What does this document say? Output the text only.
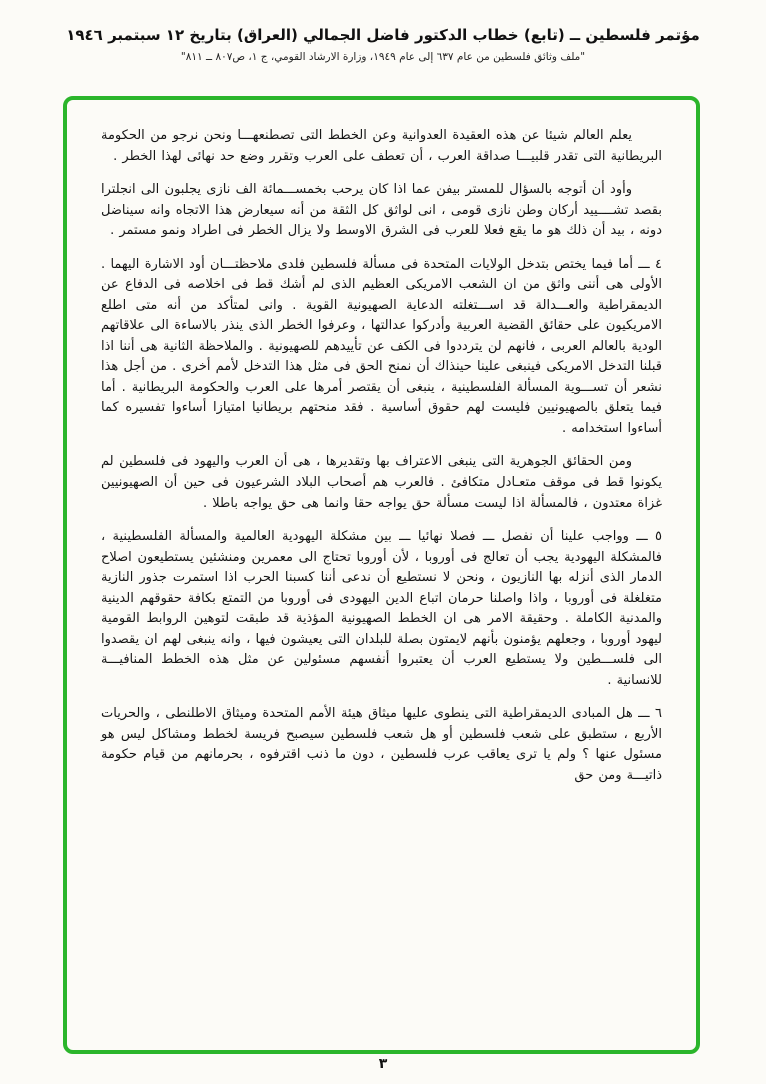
مؤتمر فلسطين ــ (تابع) خطاب الدكتور فاضل الجمالي (العراق) بتاريخ ١٢ سبتمبر ١٩٤٦
"ملف وثائق فلسطين من عام ٦٣٧ إلى عام ١٩٤٩، وزارة الارشاد القومي، ج ١، ص٨٠٧ ــ ٨١١"
يعلم العالم شيئا عن هذه العقيدة العدوانية وعن الخطط التى تصطنعهـــا ونحن نرجو من الحكومة البريطانية التى تقدر قلبيـــا صداقة العرب ، أن تعطف على العرب وتقرر وضع حد نهائى لهذا الخطر .
وأود أن أتوجه بالسؤال للمستر بيفن عما اذا كان يرحب بخمســـمائة الف نازى يجلبون الى انجلترا بقصد تشــــييد أركان وطن نازى قومى ، انى لواثق كل الثقة من أنه سيعارض هذا الاتجاه وانه سيناضل دونه ، بيد أن ذلك هو ما يقع فعلا للعرب فى الشرق الاوسط ولا يزال الخطر فى اطراد ونمو مستمر .
٤ ـــ أما فيما يختص بتدخل الولايات المتحدة فى مسألة فلسطين فلدى ملاحظتـــان أود الاشارة اليهما . الأولى هى أننى واثق من ان الشعب الامريكى العظيم الذى لم أشك قط فى اخلاصه فى الدفاع عن الديمقراطية والعـــدالة قد اســـتغلته الدعاية الصهيونية القوية . وانى لمتأكد من أنه متى اطلع الامريكيون على حقائق القضية العربية وأدركوا عدالتها ، وعرفوا الخطر الذى ينذر بالاساءة الى علاقاتهم الودية بالعالم العربى ، فانهم لن يترددوا فى الكف عن تأييدهم للصهيونية . والملاحظة الثانية هى أننا اذا قبلنا التدخل الامريكى فينبغى علينا حينذاك أن نمنح الحق فى مثل هذا التدخل لأمم أخرى . من أجل هذا نشعر أن تســـوية المسألة الفلسطينية ، ينبغى أن يقتصر أمرها على العرب والحكومة البريطانية . أما فيما يتعلق بالصهيونيين فليست لهم حقوق أساسية . فقد منحتهم بريطانيا امتيازا أساءوا تفسيره كما أساءوا استخدامه .
ومن الحقائق الجوهرية التى ينبغى الاعتراف بها وتقديرها ، هى أن العرب واليهود فى فلسطين لم يكونوا قط فى موقف متعـادل متكافئ . فالعرب هم أصحاب البلاد الشرعيون فى حين أن الصهيونيين غزاة معتدون ، فالمسألة اذا ليست مسألة حق يواجه حقا وانما هى حق يواجه باطلا .
٥ ـــ وواجب علينا أن نفصل ـــ فصلا نهائيا ـــ بين مشكلة اليهودية العالمية والمسألة الفلسطينية ، فالمشكلة اليهودية يجب أن تعالج فى أوروبا ، لأن أوروبا تحتاج الى معمرين ومنشئين يستطيعون اصلاح الدمار الذى أنزله بها النازيون ، ونحن لا نستطيع أن ندعى أننا كسبنا الحرب اذا استمرت جذور النازية متغلغلة فى أوروبا ، واذا واصلنا حرمان اتباع الدين اليهودى فى أوروبا من التمتع بكافة حقوقهم الدينية والمدنية الكاملة . وحقيقة الامر هى ان الخطط الصهيونية المؤذية قد طبقت لتوهين الروابط القومية ليهود أوروبا ، وجعلهم يؤمنون بأنهم لايمتون بصلة للبلدان التى يعيشون فيها ، وانه ينبغى لهم ان يقصدوا الى فلســـطين ولا يستطيع العرب أن يعتبروا أنفسهم مسئولين عن مثل هذه الخطط المنافيـــة للانسانية .
٦ ـــ هل المبادى الديمقراطية التى ينطوى عليها ميثاق هيئة الأمم المتحدة وميثاق الاطلنطى ، والحريات الأربع ، ستطبق على شعب فلسطين أو هل شعب فلسطين سيصبح فريسة لخطط ومشاكل ليس هو مسئول عنها ؟ ولم يا ترى يعاقب عرب فلسطين ، دون ما ذنب اقترفوه ، بحرمانهم من قيام حكومة ذاتيـــة ومن حق
٣
